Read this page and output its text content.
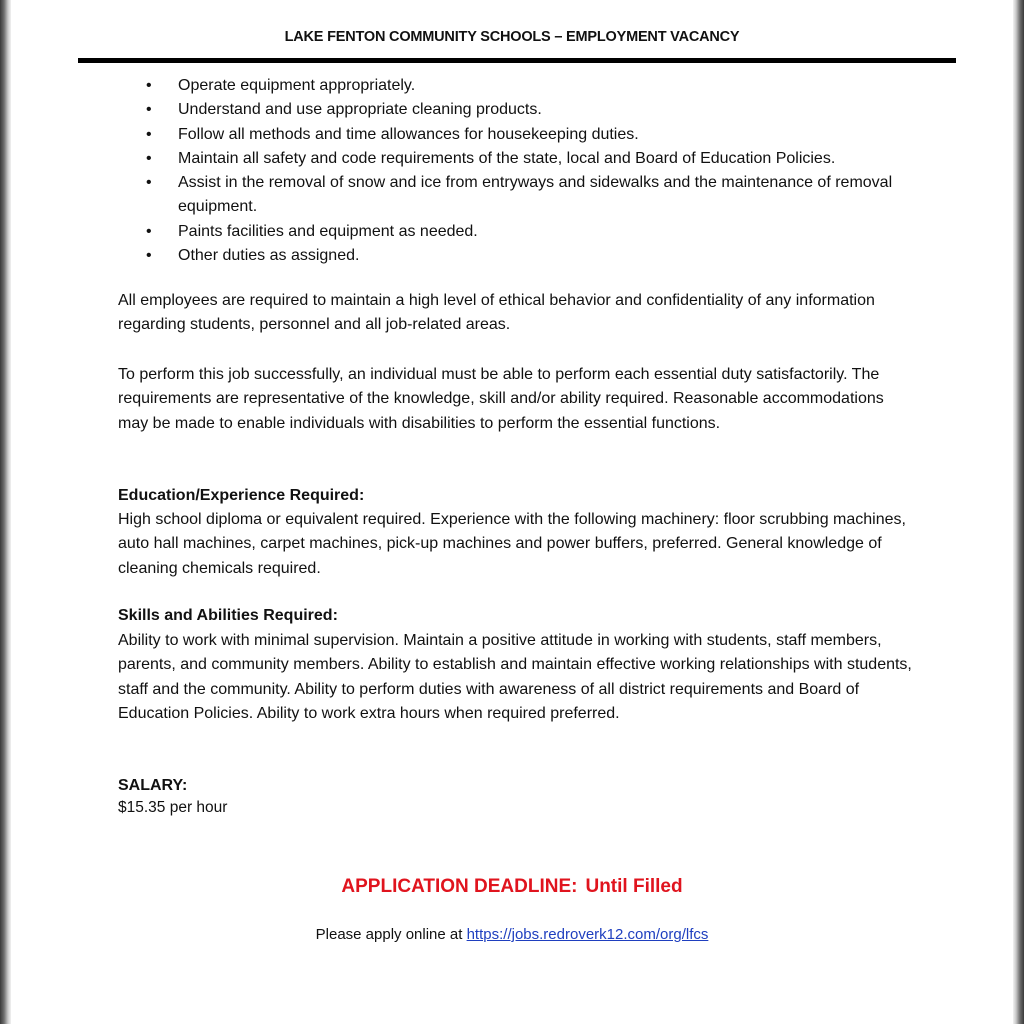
LAKE FENTON COMMUNITY SCHOOLS – EMPLOYMENT VACANCY
• Operate equipment appropriately.
• Understand and use appropriate cleaning products.
• Follow all methods and time allowances for housekeeping duties.
• Maintain all safety and code requirements of the state, local and Board of Education Policies.
• Assist in the removal of snow and ice from entryways and sidewalks and the maintenance of removal equipment.
• Paints facilities and equipment as needed.
• Other duties as assigned.

All employees are required to maintain a high level of ethical behavior and confidentiality of any information regarding students, personnel and all job-related areas.

To perform this job successfully, an individual must be able to perform each essential duty satisfactorily. The requirements are representative of the knowledge, skill and/or ability required. Reasonable accommodations may be made to enable individuals with disabilities to perform the essential functions.

Education/Experience Required:

High school diploma or equivalent required. Experience with the following machinery: floor scrubbing machines, auto hall machines, carpet machines, pick-up machines and power buffers, preferred. General knowledge of cleaning chemicals required.

Skills and Abilities Required:

Ability to work with minimal supervision. Maintain a positive attitude in working with students, staff members, parents, and community members. Ability to establish and maintain effective working relationships with students, staff and the community. Ability to perform duties with awareness of all district requirements and Board of Education Policies. Ability to work extra hours when required preferred.

SALARY:

$15.35 per hour

APPLICATION DEADLINE: Until Filled
Please apply online at https://jobs.redroverk12.com/org/lfcs
